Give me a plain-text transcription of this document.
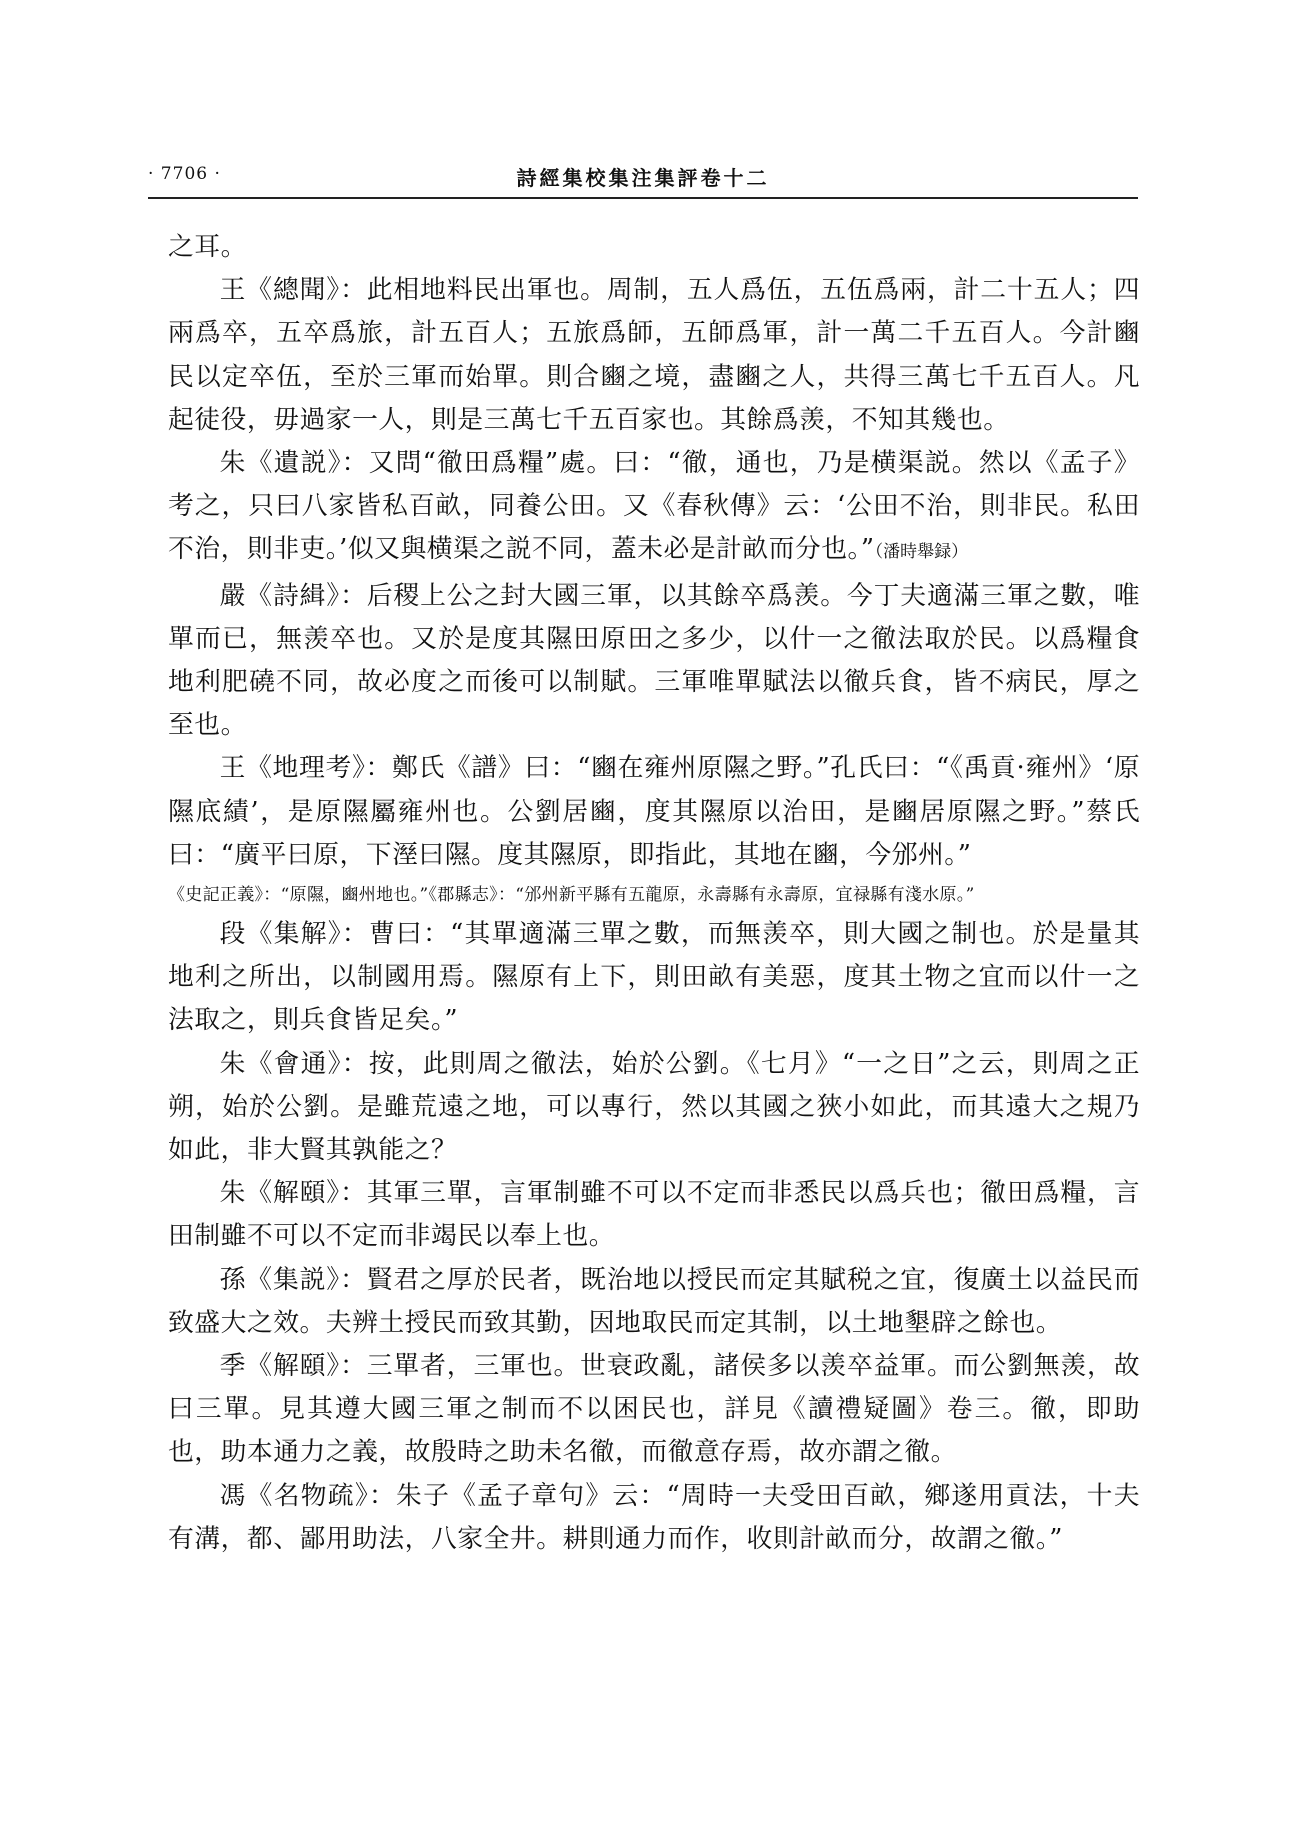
· 7706 ·	詩經集校集注集評卷十二

之耳。

王《總聞》：此相地料民出軍也。周制，五人爲伍，五伍爲兩，計二十五人；四兩爲卒，五卒爲旅，計五百人；五旅爲師，五師爲軍，計一萬二千五百人。今計豳民以定卒伍，至於三軍而始單。則合豳之境，盡豳之人，共得三萬七千五百人。凡起徒役，毋過家一人，則是三萬七千五百家也。其餘爲羡，不知其幾也。

朱《遺説》：又問“徹田爲糧”處。曰：“徹，通也，乃是横渠説。然以《孟子》考之，只曰八家皆私百畝，同養公田。又《春秋傳》云：‘公田不治，則非民。私田不治，則非吏。’似又與横渠之説不同，蓋未必是計畝而分也。”（潘時舉録）

嚴《詩緝》：后稷上公之封大國三軍，以其餘卒爲羡。今丁夫適滿三軍之數，唯單而已，無羡卒也。又於是度其隰田原田之多少，以什一之徹法取於民。以爲糧食地利肥磽不同，故必度之而後可以制賦。三軍唯單賦法以徹兵食，皆不病民，厚之至也。

王《地理考》：鄭氏《譜》曰：“豳在雍州原隰之野。”孔氏曰：“《禹貢·雍州》‘原隰底績’，是原隰屬雍州也。公劉居豳，度其隰原以治田，是豳居原隰之野。”蔡氏曰：“廣平曰原，下溼曰隰。度其隰原，即指此，其地在豳，今邠州。”

《史記正義》：“原隰，豳州地也。”《郡縣志》：“邠州新平縣有五龍原，永壽縣有永壽原，宜禄縣有淺水原。”

段《集解》：曹曰：“其單適滿三單之數，而無羡卒，則大國之制也。於是量其地利之所出，以制國用焉。隰原有上下，則田畝有美惡，度其土物之宜而以什一之法取之，則兵食皆足矣。”

朱《會通》：按，此則周之徹法，始於公劉。《七月》“一之日”之云，則周之正朔，始於公劉。是雖荒遠之地，可以專行，然以其國之狹小如此，而其遠大之規乃如此，非大賢其孰能之？

朱《解頤》：其軍三單，言軍制雖不可以不定而非悉民以爲兵也；徹田爲糧，言田制雖不可以不定而非竭民以奉上也。

孫《集説》：賢君之厚於民者，既治地以授民而定其賦税之宜，復廣土以益民而致盛大之效。夫辨土授民而致其勤，因地取民而定其制，以土地墾辟之餘也。

季《解頤》：三單者，三軍也。世衰政亂，諸侯多以羡卒益軍。而公劉無羡，故曰三單。見其遵大國三軍之制而不以困民也，詳見《讀禮疑圖》卷三。徹，即助也，助本通力之義，故殷時之助未名徹，而徹意存焉，故亦謂之徹。

馮《名物疏》：朱子《孟子章句》云：“周時一夫受田百畝，鄉遂用貢法，十夫有溝，都、鄙用助法，八家全井。耕則通力而作，收則計畝而分，故謂之徹。”
